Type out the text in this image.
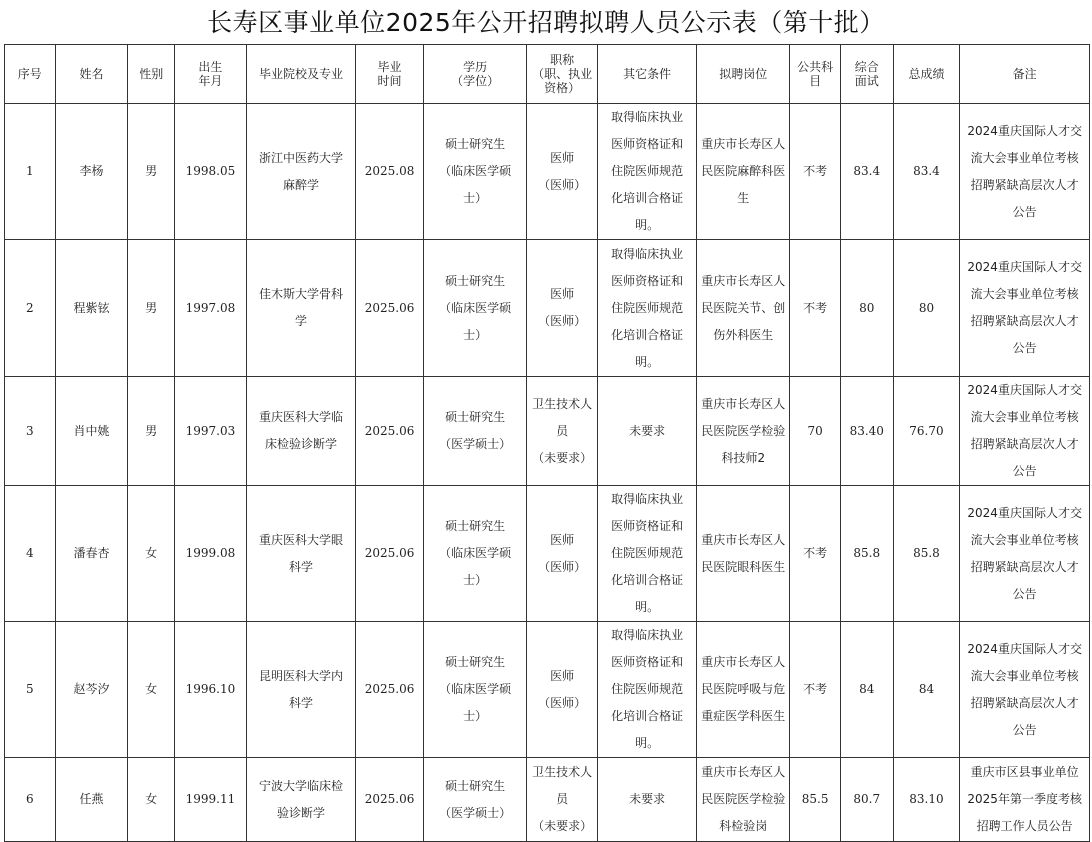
长寿区事业单位2025年公开招聘拟聘人员公示表（第十批）
序号	姓名	性别	出生
年月	毕业院校及专业	毕业
时间	学历
（学位）	职称
（职、执业
资格）	其它条件	拟聘岗位	公共科
目	综合
面试	总成绩	备注
1	李杨	男	1998.05	浙江中医药大学
麻醉学	2025.08	硕士研究生
（临床医学硕
士）	医师
（医师）	取得临床执业
医师资格证和
住院医师规范
化培训合格证
明。	重庆市长寿区人
民医院麻醉科医
生	不考	83.4	83.4	2024重庆国际人才交
流大会事业单位考核
招聘紧缺高层次人才
公告
2	程紫铉	男	1997.08	佳木斯大学骨科
学	2025.06	硕士研究生
（临床医学硕
士）	医师
（医师）	取得临床执业
医师资格证和
住院医师规范
化培训合格证
明。	重庆市长寿区人
民医院关节、创
伤外科医生	不考	80	80	2024重庆国际人才交
流大会事业单位考核
招聘紧缺高层次人才
公告
3	肖中姚	男	1997.03	重庆医科大学临
床检验诊断学	2025.06	硕士研究生
（医学硕士）	卫生技术人
员
（未要求）	未要求	重庆市长寿区人
民医院医学检验
科技师2	70	83.40	76.70	2024重庆国际人才交
流大会事业单位考核
招聘紧缺高层次人才
公告
4	潘春杏	女	1999.08	重庆医科大学眼
科学	2025.06	硕士研究生
（临床医学硕
士）	医师
（医师）	取得临床执业
医师资格证和
住院医师规范
化培训合格证
明。	重庆市长寿区人
民医院眼科医生	不考	85.8	85.8	2024重庆国际人才交
流大会事业单位考核
招聘紧缺高层次人才
公告
5	赵芩汐	女	1996.10	昆明医科大学内
科学	2025.06	硕士研究生
（临床医学硕
士）	医师
（医师）	取得临床执业
医师资格证和
住院医师规范
化培训合格证
明。	重庆市长寿区人
民医院呼吸与危
重症医学科医生	不考	84	84	2024重庆国际人才交
流大会事业单位考核
招聘紧缺高层次人才
公告
6	任燕	女	1999.11	宁波大学临床检
验诊断学	2025.06	硕士研究生
（医学硕士）	卫生技术人
员
（未要求）	未要求	重庆市长寿区人
民医院医学检验
科检验岗	85.5	80.7	83.10	重庆市区县事业单位
2025年第一季度考核
招聘工作人员公告
